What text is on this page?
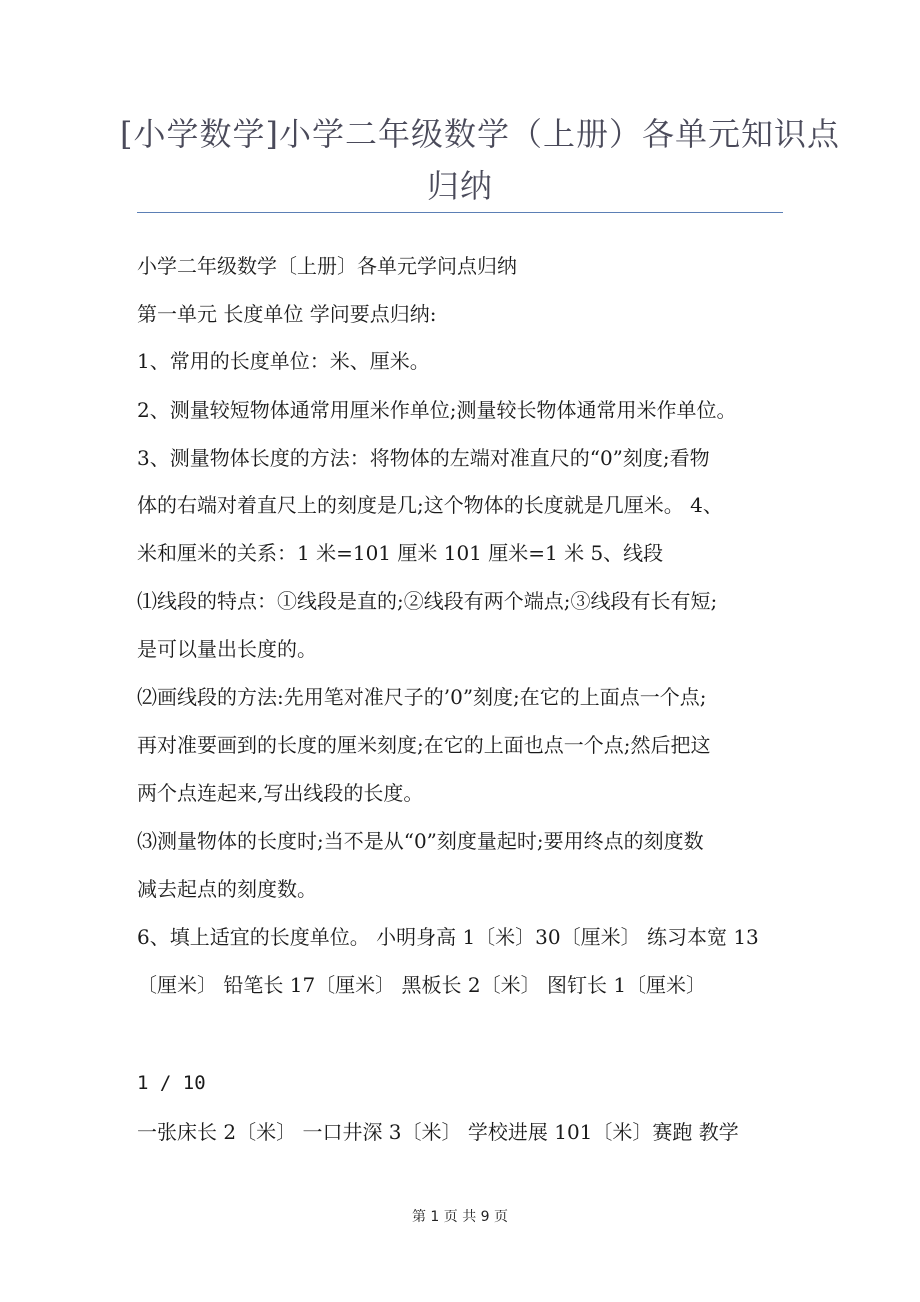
[小学数学]小学二年级数学（上册）各单元知识点
归纳
小学二年级数学〔上册〕各单元学问点归纳
第一单元 长度单位 学问要点归纳:
1、常用的长度单位：米、厘米。
2、测量较短物体通常用厘米作单位;测量较长物体通常用米作单位。
3、测量物体长度的方法：将物体的左端对准直尺的“0”刻度;看物
体的右端对着直尺上的刻度是几;这个物体的长度就是几厘米。 4、
米和厘米的关系：1 米=101 厘米 101 厘米=1 米 5、线段
⑴线段的特点：①线段是直的;②线段有两个端点;③线段有长有短;
是可以量出长度的。
⑵画线段的方法:先用笔对准尺子的’0”刻度;在它的上面点一个点;
再对准要画到的长度的厘米刻度;在它的上面也点一个点;然后把这
两个点连起来,写出线段的长度。
⑶测量物体的长度时;当不是从“0”刻度量起时;要用终点的刻度数
减去起点的刻度数。
6、填上适宜的长度单位。 小明身高 1〔米〕30〔厘米〕 练习本宽 13
〔厘米〕 铅笔长 17〔厘米〕 黑板长 2〔米〕 图钉长 1〔厘米〕
1 / 10
一张床长 2〔米〕 一口井深 3〔米〕 学校进展 101〔米〕赛跑 教学
第 1 页 共 9 页
